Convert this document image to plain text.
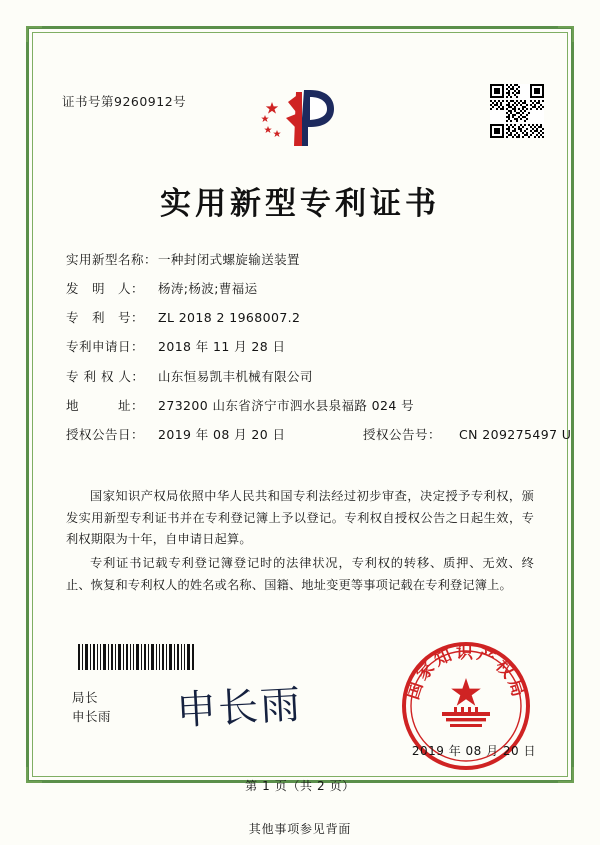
证书号第9260912号
实用新型专利证书
实用新型名称： 一种封闭式螺旋输送装置
发　明　人：	杨涛;杨波;曹福运
专　利　号：	ZL 2018 2 1968007.2
专利申请日：	2018 年 11 月 28 日
专 利 权 人：	山东恒易凯丰机械有限公司
地　　　址：	273200 山东省济宁市泗水县泉福路 024 号
授权公告日：	2019 年 08 月 20 日	授权公告号：	CN 209275497 U

国家知识产权局依照中华人民共和国专利法经过初步审查，决定授予专利权，颁发实用新型专利证书并在专利登记簿上予以登记。专利权自授权公告之日起生效，专利权期限为十年，自申请日起算。

专利证书记载专利登记簿登记时的法律状况，专利权的转移、质押、无效、终止、恢复和专利权人的姓名或名称、国籍、地址变更等事项记载在专利登记簿上。

局长
申长雨 申长雨	国家知识产权局
2019 年 08 月 20 日
第 1 页（共 2 页）
其他事项参见背面
